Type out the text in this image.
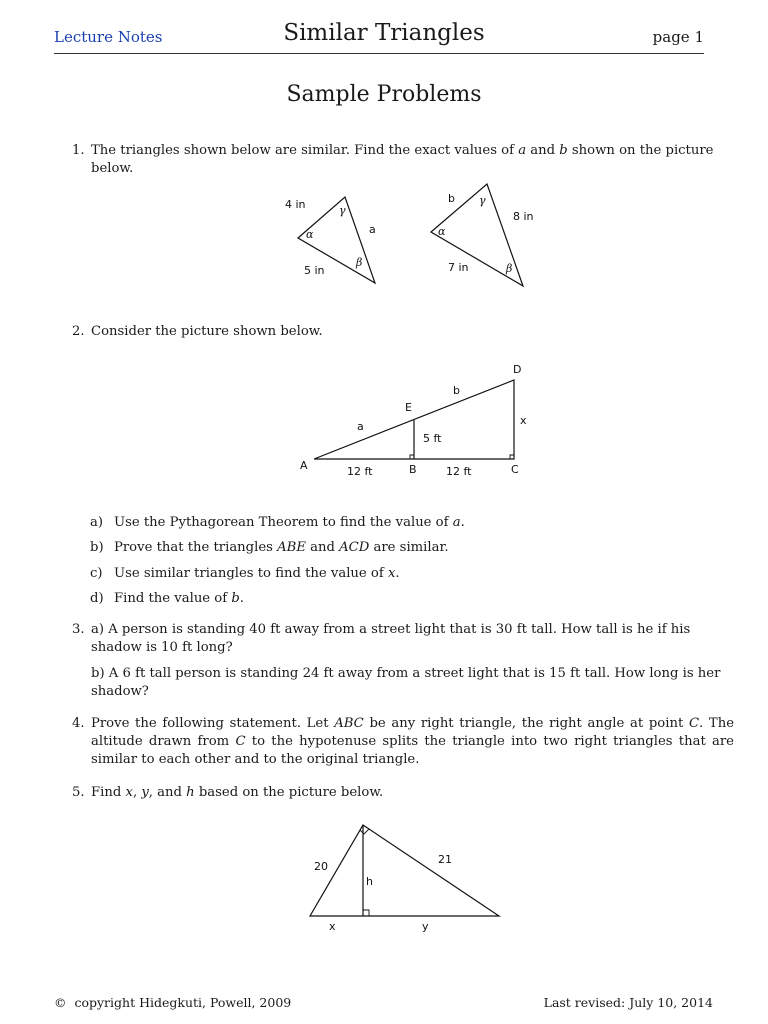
Lecture Notes	Similar Triangles	page 1
Sample Problems
1. The triangles shown below are similar. Find the exact values of a and b shown on the picture below.
2. Consider the picture shown below.
a) Use the Pythagorean Theorem to find the value of a.
b) Prove that the triangles ABE and ACD are similar.
c) Use similar triangles to find the value of x.
d) Find the value of b.
3. a) A person is standing 40 ft away from a street light that is 30 ft tall. How tall is he if his shadow is 10 ft long?
b) A 6 ft tall person is standing 24 ft away from a street light that is 15 ft tall. How long is her shadow?
4. Prove the following statement. Let ABC be any right triangle, the right angle at point C. The altitude drawn from C to the hypotenuse splits the triangle into two right triangles that are similar to each other and to the original triangle.
5. Find x, y, and h based on the picture below.
4 in
a
5 in
α
β
γ
b
8 in
7 in
α
β
γ
A	B	C
D
E
a
b
x
5 ft
12 ft	12 ft
20
21
h
x	y
© copyright Hidegkuti, Powell, 2009	Last revised: July 10, 2014
